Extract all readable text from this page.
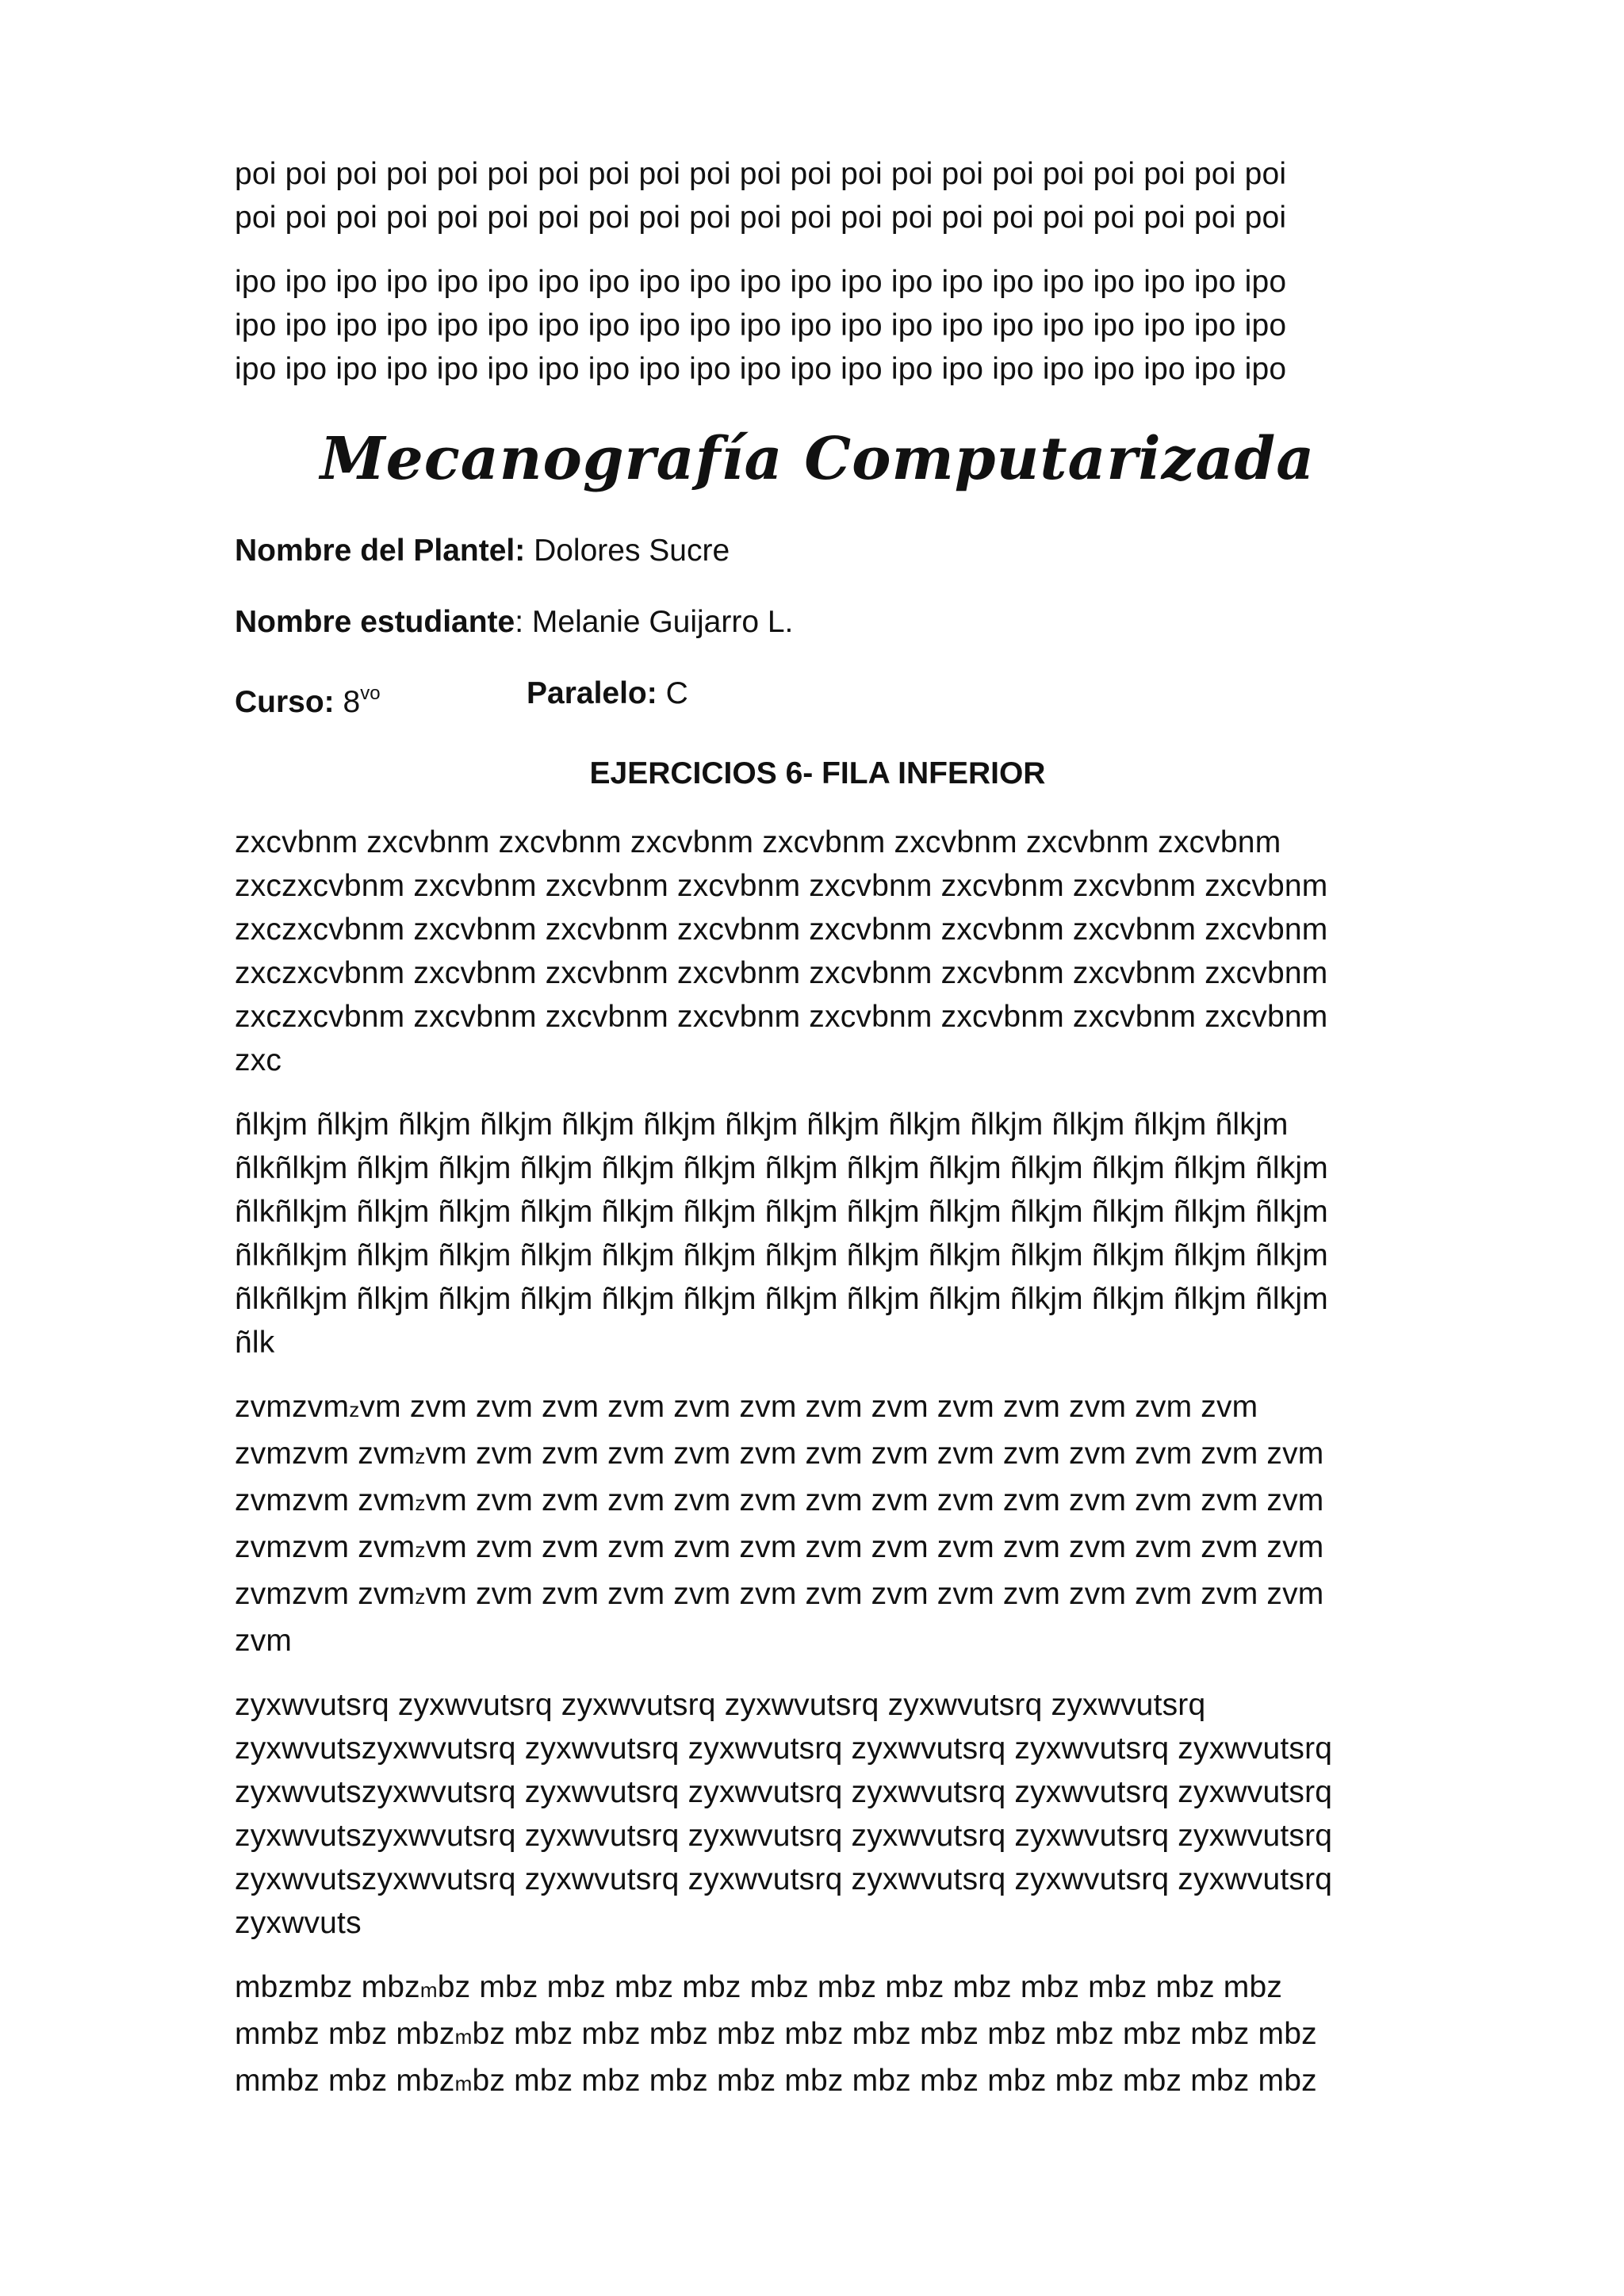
poi poi poi poi poi poi poi poi poi poi poi poi poi poi poi poi poi poi poi poi poi
poi poi poi poi poi poi poi poi poi poi poi poi poi poi poi poi poi poi poi poi poi
ipo ipo ipo ipo ipo ipo ipo ipo ipo ipo ipo ipo ipo ipo ipo ipo ipo ipo ipo ipo ipo
ipo ipo ipo ipo ipo ipo ipo ipo ipo ipo ipo ipo ipo ipo ipo ipo ipo ipo ipo ipo ipo
ipo ipo ipo ipo ipo ipo ipo ipo ipo ipo ipo ipo ipo ipo ipo ipo ipo ipo ipo ipo ipo
Mecanografía Computarizada
Nombre del Plantel: Dolores Sucre
Nombre estudiante: Melanie Guijarro L.
Curso: $8^{vo}$	Paralelo: C
EJERCICIOS 6- FILA INFERIOR
zxcvbnm zxcvbnm zxcvbnm zxcvbnm zxcvbnm zxcvbnm zxcvbnm zxcvbnm
zxczxcvbnm zxcvbnm zxcvbnm zxcvbnm zxcvbnm zxcvbnm zxcvbnm zxcvbnm
zxczxcvbnm zxcvbnm zxcvbnm zxcvbnm zxcvbnm zxcvbnm zxcvbnm zxcvbnm
zxczxcvbnm zxcvbnm zxcvbnm zxcvbnm zxcvbnm zxcvbnm zxcvbnm zxcvbnm
zxczxcvbnm zxcvbnm zxcvbnm zxcvbnm zxcvbnm zxcvbnm zxcvbnm zxcvbnm
zxc
ñlkjm ñlkjm ñlkjm ñlkjm ñlkjm ñlkjm ñlkjm ñlkjm ñlkjm ñlkjm ñlkjm ñlkjm ñlkjm
ñlkñlkjm ñlkjm ñlkjm ñlkjm ñlkjm ñlkjm ñlkjm ñlkjm ñlkjm ñlkjm ñlkjm ñlkjm ñlkjm
ñlkñlkjm ñlkjm ñlkjm ñlkjm ñlkjm ñlkjm ñlkjm ñlkjm ñlkjm ñlkjm ñlkjm ñlkjm ñlkjm
ñlkñlkjm ñlkjm ñlkjm ñlkjm ñlkjm ñlkjm ñlkjm ñlkjm ñlkjm ñlkjm ñlkjm ñlkjm ñlkjm
ñlkñlkjm ñlkjm ñlkjm ñlkjm ñlkjm ñlkjm ñlkjm ñlkjm ñlkjm ñlkjm ñlkjm ñlkjm ñlkjm
ñlk
zvmzvmzvm zvm zvm zvm zvm zvm zvm zvm zvm zvm zvm zvm zvm zvm
zvmzvm zvmzvm zvm zvm zvm zvm zvm zvm zvm zvm zvm zvm zvm zvm zvm
zvmzvm zvmzvm zvm zvm zvm zvm zvm zvm zvm zvm zvm zvm zvm zvm zvm
zvmzvm zvmzvm zvm zvm zvm zvm zvm zvm zvm zvm zvm zvm zvm zvm zvm
zvmzvm zvmzvm zvm zvm zvm zvm zvm zvm zvm zvm zvm zvm zvm zvm zvm
zvm
zyxwvutsrq zyxwvutsrq zyxwvutsrq zyxwvutsrq zyxwvutsrq zyxwvutsrq
zyxwvutszyxwvutsrq zyxwvutsrq zyxwvutsrq zyxwvutsrq zyxwvutsrq zyxwvutsrq
zyxwvutszyxwvutsrq zyxwvutsrq zyxwvutsrq zyxwvutsrq zyxwvutsrq zyxwvutsrq
zyxwvutszyxwvutsrq zyxwvutsrq zyxwvutsrq zyxwvutsrq zyxwvutsrq zyxwvutsrq
zyxwvutszyxwvutsrq zyxwvutsrq zyxwvutsrq zyxwvutsrq zyxwvutsrq zyxwvutsrq
zyxwvuts
mbzmbz mbzmbz mbz mbz mbz mbz mbz mbz mbz mbz mbz mbz mbz mbz
mmbz mbz mbzmbz mbz mbz mbz mbz mbz mbz mbz mbz mbz mbz mbz mbz
mmbz mbz mbzmbz mbz mbz mbz mbz mbz mbz mbz mbz mbz mbz mbz mbz
